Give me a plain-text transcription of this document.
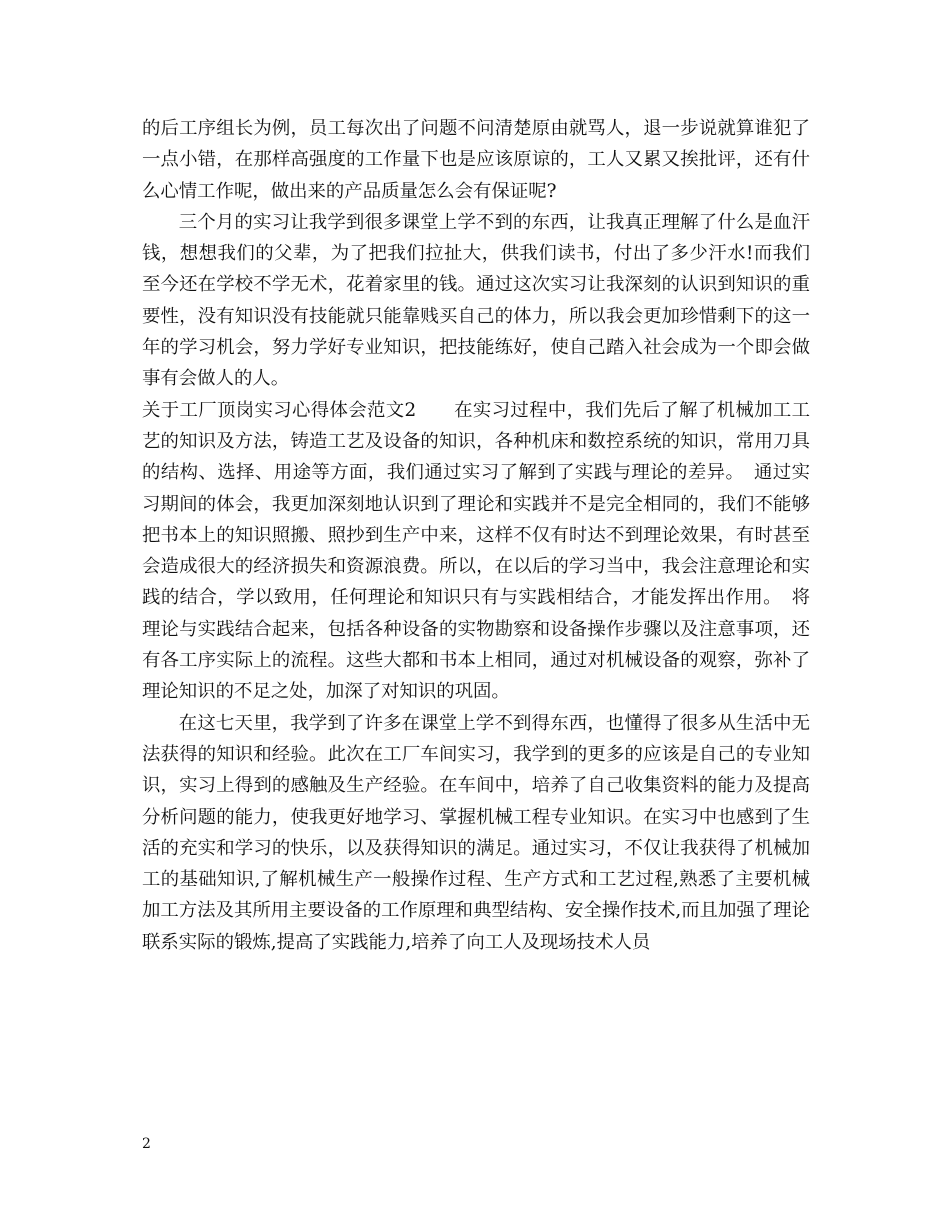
的后工序组长为例，员工每次出了问题不问清楚原由就骂人，退一步说就算谁犯了一点小错，在那样高强度的工作量下也是应该原谅的，工人又累又挨批评，还有什么心情工作呢，做出来的产品质量怎么会有保证呢?

三个月的实习让我学到很多课堂上学不到的东西，让我真正理解了什么是血汗钱，想想我们的父辈，为了把我们拉扯大，供我们读书，付出了多少汗水!而我们至今还在学校不学无术，花着家里的钱。通过这次实习让我深刻的认识到知识的重要性，没有知识没有技能就只能靠贱买自己的体力，所以我会更加珍惜剩下的这一年的学习机会，努力学好专业知识，把技能练好，使自己踏入社会成为一个即会做事有会做人的人。

关于工厂顶岗实习心得体会范文2　　在实习过程中，我们先后了解了机械加工工艺的知识及方法，铸造工艺及设备的知识，各种机床和数控系统的知识，常用刀具的结构、选择、用途等方面，我们通过实习了解到了实践与理论的差异。　通过实习期间的体会，我更加深刻地认识到了理论和实践并不是完全相同的，我们不能够把书本上的知识照搬、照抄到生产中来，这样不仅有时达不到理论效果，有时甚至会造成很大的经济损失和资源浪费。所以，在以后的学习当中，我会注意理论和实践的结合，学以致用，任何理论和知识只有与实践相结合，才能发挥出作用。　将理论与实践结合起来，包括各种设备的实物勘察和设备操作步骤以及注意事项，还有各工序实际上的流程。这些大都和书本上相同，通过对机械设备的观察，弥补了理论知识的不足之处，加深了对知识的巩固。

在这七天里，我学到了许多在课堂上学不到得东西，也懂得了很多从生活中无法获得的知识和经验。此次在工厂车间实习，我学到的更多的应该是自己的专业知识，实习上得到的感触及生产经验。在车间中，培养了自己收集资料的能力及提高分析问题的能力，使我更好地学习、掌握机械工程专业知识。在实习中也感到了生活的充实和学习的快乐，以及获得知识的满足。通过实习，不仅让我获得了机械加工的基础知识,了解机械生产一般操作过程、生产方式和工艺过程,熟悉了主要机械加工方法及其所用主要设备的工作原理和典型结构、安全操作技术,而且加强了理论联系实际的锻炼,提高了实践能力,培养了向工人及现场技术人员

2
